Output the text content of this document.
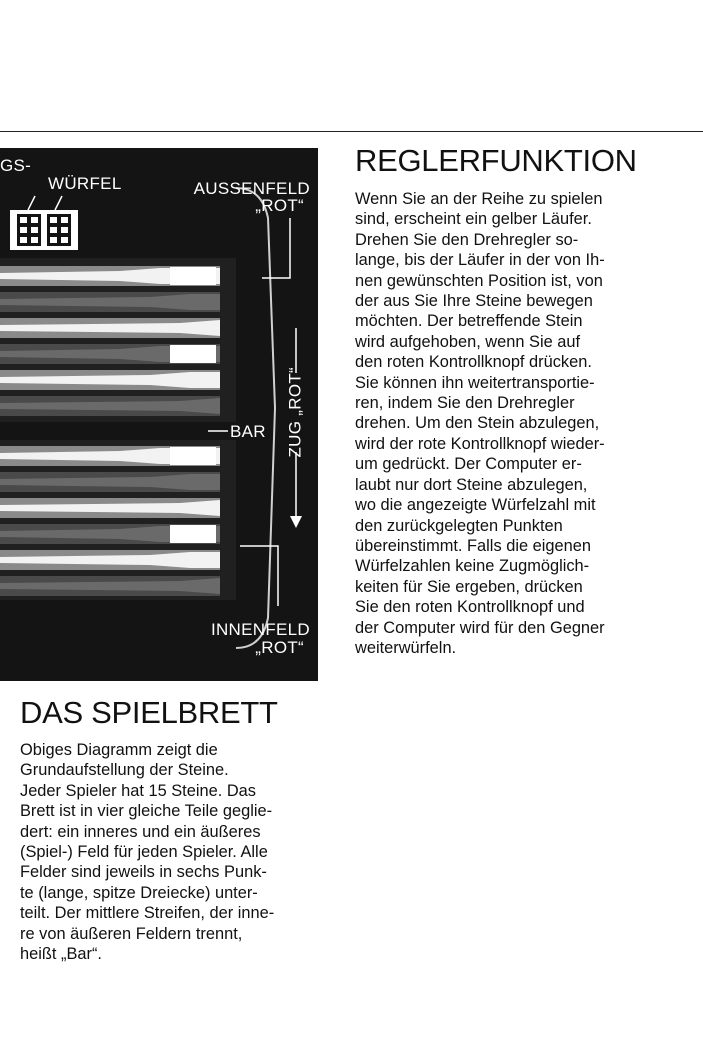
GS-
WÜRFEL	AUSSENFELD
„ROT“
BAR ZUG „ROT“
INNENFELD
„ROT“
REGLERFUNKTION

Wenn Sie an der Reihe zu spielen
sind, erscheint ein gelber Läufer.
Drehen Sie den Drehregler so-
lange, bis der Läufer in der von Ih-
nen gewünschten Position ist, von
der aus Sie Ihre Steine bewegen
möchten. Der betreffende Stein
wird aufgehoben, wenn Sie auf
den roten Kontrollknopf drücken.
Sie können ihn weitertransportie-
ren, indem Sie den Drehregler
drehen. Um den Stein abzulegen,
wird der rote Kontrollknopf wieder-
um gedrückt. Der Computer er-
laubt nur dort Steine abzulegen,
wo die angezeigte Würfelzahl mit
den zurückgelegten Punkten
übereinstimmt. Falls die eigenen
Würfelzahlen keine Zugmöglich-
keiten für Sie ergeben, drücken
Sie den roten Kontrollknopf und
der Computer wird für den Gegner
weiterwürfeln.

DAS SPIELBRETT

Obiges Diagramm zeigt die
Grundaufstellung der Steine.
Jeder Spieler hat 15 Steine. Das
Brett ist in vier gleiche Teile geglie-
dert: ein inneres und ein äußeres
(Spiel-) Feld für jeden Spieler. Alle
Felder sind jeweils in sechs Punk-
te (lange, spitze Dreiecke) unter-
teilt. Der mittlere Streifen, der inne-
re von äußeren Feldern trennt,
heißt „Bar“.
